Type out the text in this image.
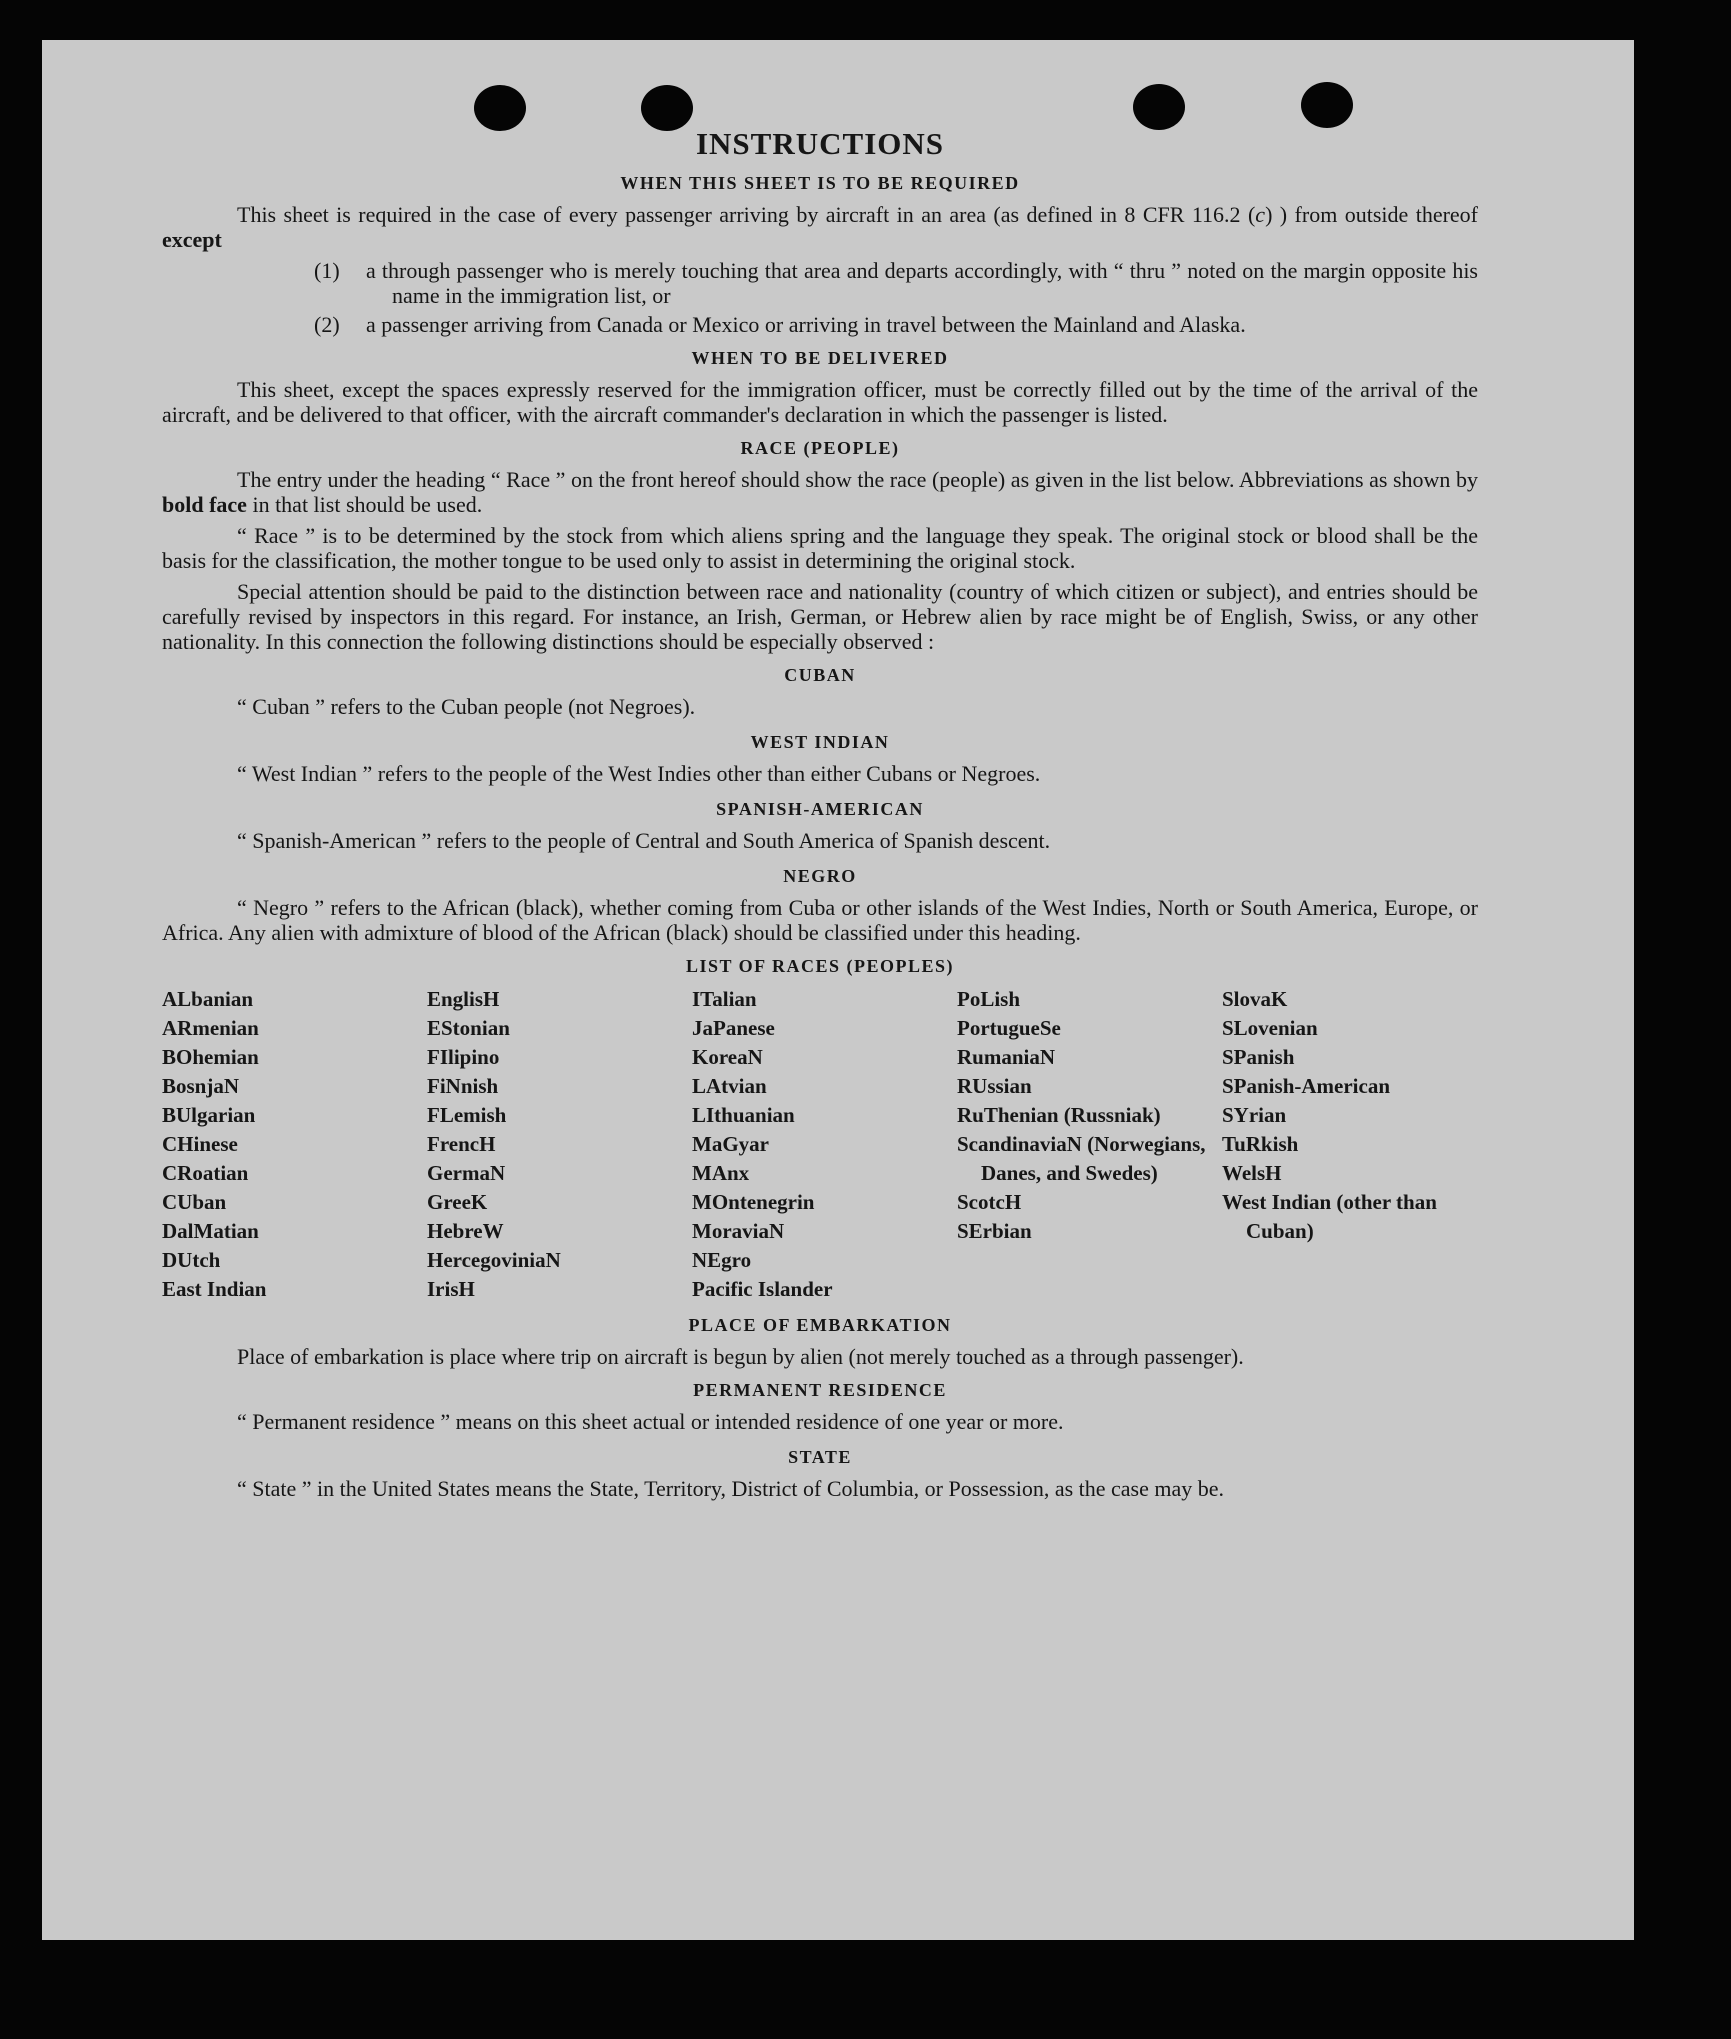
INSTRUCTIONS
WHEN THIS SHEET IS TO BE REQUIRED

This sheet is required in the case of every passenger arriving by aircraft in an area (as defined in 8 CFR 116.2 (c) ) from outside thereof except

(1)	a through passenger who is merely touching that area and departs accordingly, with “ thru ” noted on the margin opposite his name in the immigration list, or
(2)	a passenger arriving from Canada or Mexico or arriving in travel between the Mainland and Alaska.
WHEN TO BE DELIVERED

This sheet, except the spaces expressly reserved for the immigration officer, must be correctly filled out by the time of the arrival of the aircraft, and be delivered to that officer, with the aircraft commander's declaration in which the passenger is listed.

RACE (PEOPLE)

The entry under the heading “ Race ” on the front hereof should show the race (people) as given in the list below. Abbreviations as shown by bold face in that list should be used.

“ Race ” is to be determined by the stock from which aliens spring and the language they speak. The original stock or blood shall be the basis for the classification, the mother tongue to be used only to assist in determining the original stock.

Special attention should be paid to the distinction between race and nationality (country of which citizen or subject), and entries should be carefully revised by inspectors in this regard. For instance, an Irish, German, or Hebrew alien by race might be of English, Swiss, or any other nationality. In this connection the following distinctions should be especially observed :

CUBAN

“ Cuban ” refers to the Cuban people (not Negroes).

WEST INDIAN

“ West Indian ” refers to the people of the West Indies other than either Cubans or Negroes.

SPANISH-AMERICAN

“ Spanish-American ” refers to the people of Central and South America of Spanish descent.

NEGRO

“ Negro ” refers to the African (black), whether coming from Cuba or other islands of the West Indies, North or South America, Europe, or Africa. Any alien with admixture of blood of the African (black) should be classified under this heading.

LIST OF RACES (PEOPLES)
ALbanian
ARmenian
BOhemian
BosnjaN
BUlgarian
CHinese
CRoatian
CUban
DalMatian
DUtch
East Indian
EnglisH
EStonian
FIlipino
FiNnish
FLemish
FrencH
GermaN
GreeK
HebreW
HercegoviniaN
IrisH
ITalian
JaPanese
KoreaN
LAtvian
LIthuanian
MaGyar
MAnx
MOntenegrin
MoraviaN
NEgro
Pacific Islander
PoLish
PortugueSe
RumaniaN
RUssian
RuThenian (Russniak)
ScandinaviaN (Norwegians, Danes, and Swedes)
ScotcH
SErbian
SlovaK
SLovenian
SPanish
SPanish-American
SYrian
TuRkish
WelsH
West Indian (other than Cuban)
PLACE OF EMBARKATION

Place of embarkation is place where trip on aircraft is begun by alien (not merely touched as a through passenger).

PERMANENT RESIDENCE

“ Permanent residence ” means on this sheet actual or intended residence of one year or more.

STATE

“ State ” in the United States means the State, Territory, District of Columbia, or Possession, as the case may be.
